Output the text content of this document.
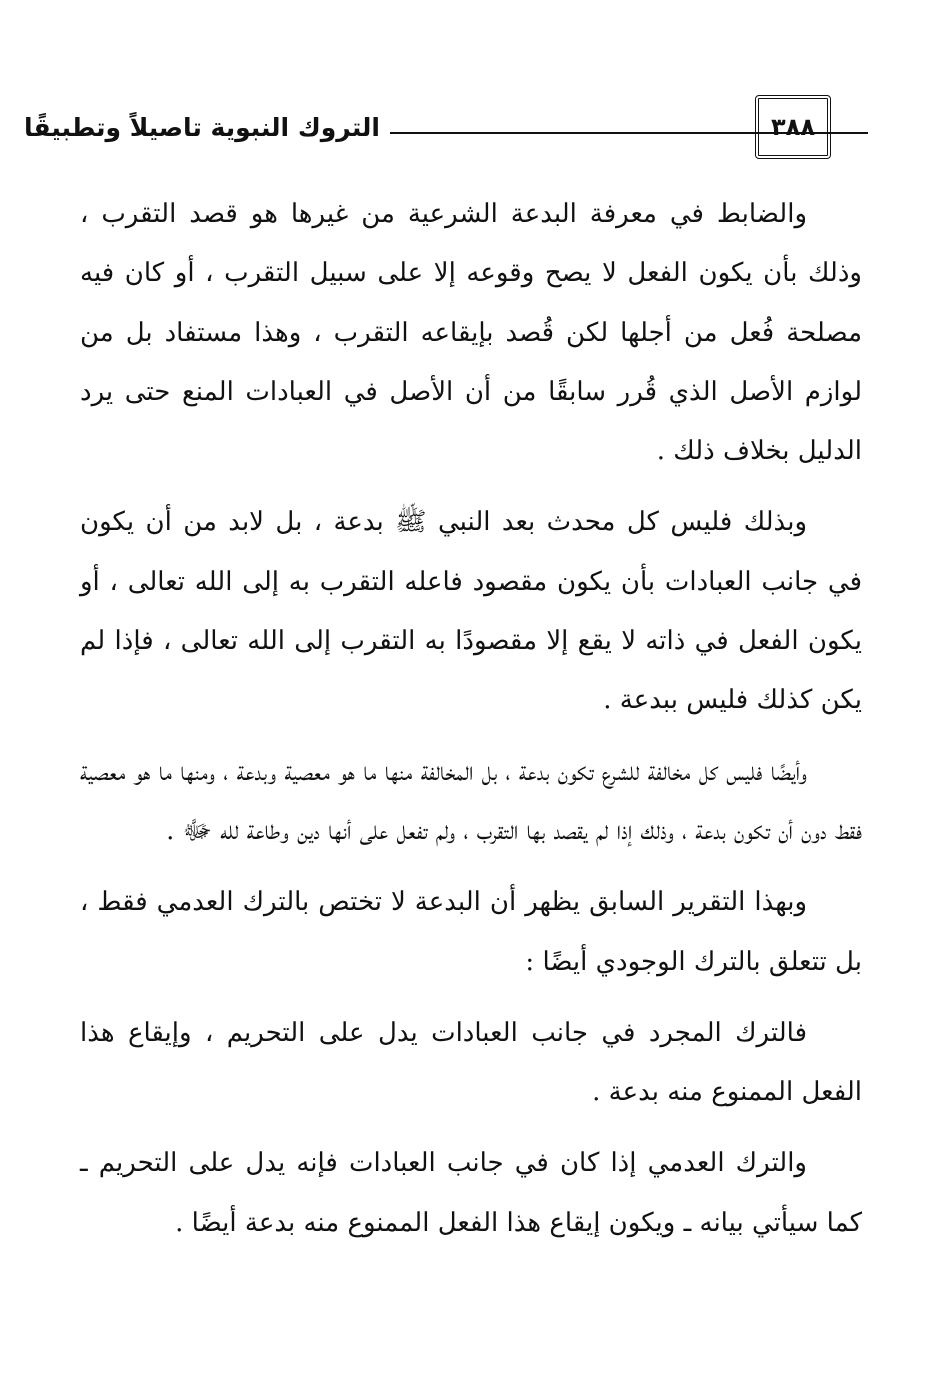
التروك النبوية تاصيلاً وتطبيقًا	٣٨٨

والضابط في معرفة البدعة الشرعية من غيرها هو قصد التقرب ، وذلك بأن يكون الفعل لا يصح وقوعه إلا على سبيل التقرب ، أو كان فيه مصلحة فُعل من أجلها لكن قُصد بإيقاعه التقرب ، وهذا مستفاد بل من لوازم الأصل الذي قُرر سابقًا من أن الأصل في العبادات المنع حتى يرد الدليل بخلاف ذلك .

وبذلك فليس كل محدث بعد النبي ﷺ بدعة ، بل لابد من أن يكون في جانب العبادات بأن يكون مقصود فاعله التقرب به إلى الله تعالى ، أو يكون الفعل في ذاته لا يقع إلا مقصودًا به التقرب إلى الله تعالى ، فإذا لم يكن كذلك فليس ببدعة .

وأيضًا فليس كل مخالفة للشرع تكون بدعة ، بل المخالفة منها ما هو معصية وبدعة ، ومنها ما هو معصية فقط دون أن تكون بدعة ، وذلك إذا لم يقصد بها التقرب ، ولم تفعل على أنها دين وطاعة لله ﷻ .

وبهذا التقرير السابق يظهر أن البدعة لا تختص بالترك العدمي فقط ، بل تتعلق بالترك الوجودي أيضًا :

فالترك المجرد في جانب العبادات يدل على التحريم ، وإيقاع هذا الفعل الممنوع منه بدعة .

والترك العدمي إذا كان في جانب العبادات فإنه يدل على التحريم ـ كما سيأتي بيانه ـ ويكون إيقاع هذا الفعل الممنوع منه بدعة أيضًا .
